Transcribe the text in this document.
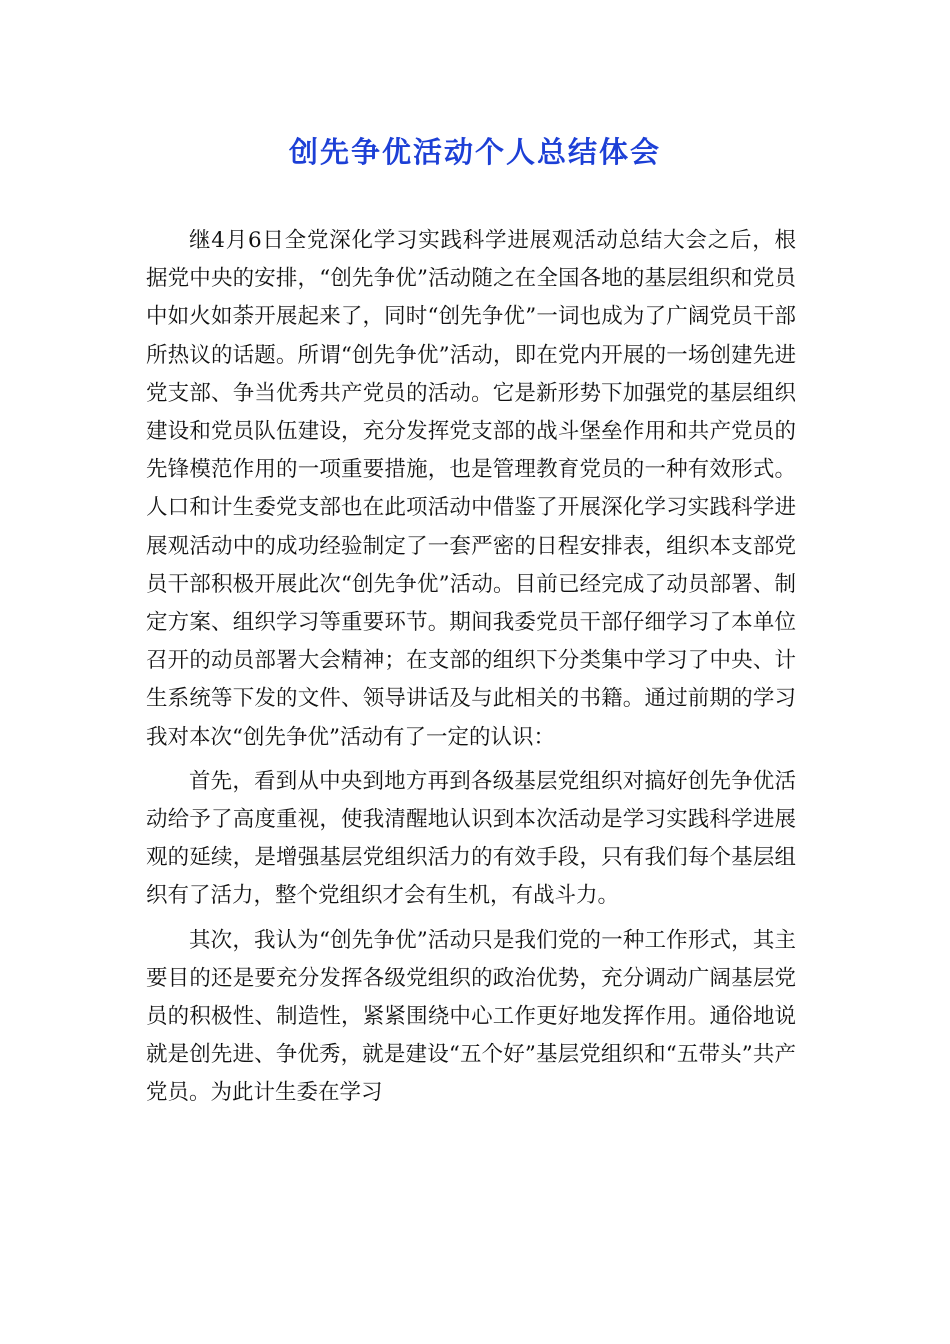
创先争优活动个人总结体会

继4月6日全党深化学习实践科学进展观活动总结大会之后，根据党中央的安排，“创先争优”活动随之在全国各地的基层组织和党员中如火如荼开展起来了，同时“创先争优”一词也成为了广阔党员干部所热议的话题。所谓“创先争优”活动，即在党内开展的一场创建先进党支部、争当优秀共产党员的活动。它是新形势下加强党的基层组织建设和党员队伍建设，充分发挥党支部的战斗堡垒作用和共产党员的先锋模范作用的一项重要措施，也是管理教育党员的一种有效形式。人口和计生委党支部也在此项活动中借鉴了开展深化学习实践科学进展观活动中的成功经验制定了一套严密的日程安排表，组织本支部党员干部积极开展此次“创先争优”活动。目前已经完成了动员部署、制定方案、组织学习等重要环节。期间我委党员干部仔细学习了本单位召开的动员部署大会精神；在支部的组织下分类集中学习了中央、计生系统等下发的文件、领导讲话及与此相关的书籍。通过前期的学习我对本次“创先争优”活动有了一定的认识：

首先，看到从中央到地方再到各级基层党组织对搞好创先争优活动给予了高度重视，使我清醒地认识到本次活动是学习实践科学进展观的延续，是增强基层党组织活力的有效手段，只有我们每个基层组织有了活力，整个党组织才会有生机，有战斗力。

其次，我认为“创先争优”活动只是我们党的一种工作形式，其主要目的还是要充分发挥各级党组织的政治优势，充分调动广阔基层党员的积极性、制造性，紧紧围绕中心工作更好地发挥作用。通俗地说就是创先进、争优秀，就是建设“五个好”基层党组织和“五带头”共产党员。为此计生委在学习
